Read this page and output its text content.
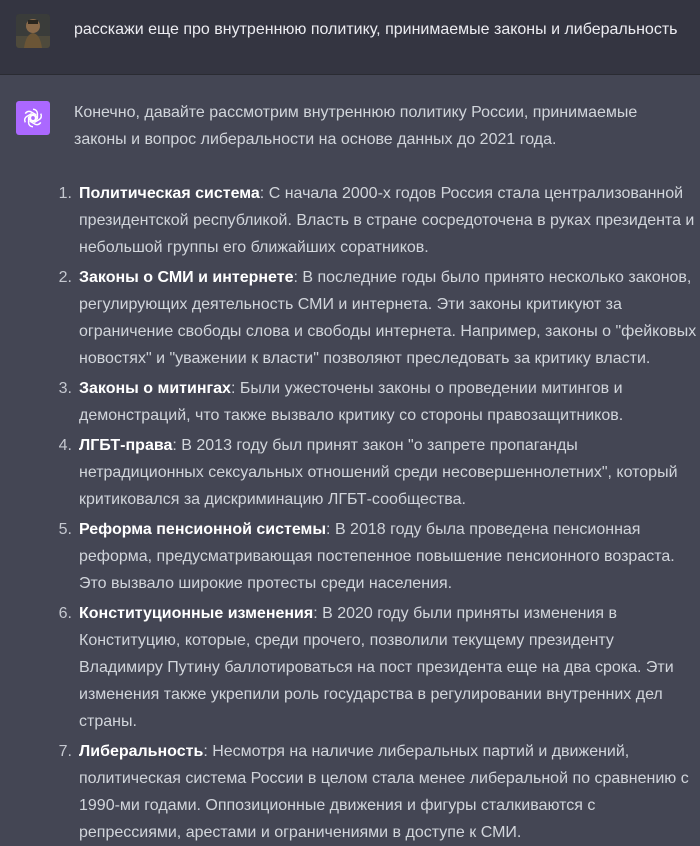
расскажи еще про внутреннюю политику, принимаемые законы и либеральность

Конечно, давайте рассмотрим внутреннюю политику России, принимаемые законы и вопрос либеральности на основе данных до 2021 года.

1. Политическая система: С начала 2000-х годов Россия стала централизованной президентской республикой. Власть в стране сосредоточена в руках президента и небольшой группы его ближайших соратников.
2. Законы о СМИ и интернете: В последние годы было принято несколько законов, регулирующих деятельность СМИ и интернета. Эти законы критикуют за ограничение свободы слова и свободы интернета. Например, законы о "фейковых новостях" и "уважении к власти" позволяют преследовать за критику власти.
3. Законы о митингах: Были ужесточены законы о проведении митингов и демонстраций, что также вызвало критику со стороны правозащитников.
4. ЛГБТ-права: В 2013 году был принят закон "о запрете пропаганды нетрадиционных сексуальных отношений среди несовершеннолетних", который критиковался за дискриминацию ЛГБТ-сообщества.
5. Реформа пенсионной системы: В 2018 году была проведена пенсионная реформа, предусматривающая постепенное повышение пенсионного возраста. Это вызвало широкие протесты среди населения.
6. Конституционные изменения: В 2020 году были приняты изменения в Конституцию, которые, среди прочего, позволили текущему президенту Владимиру Путину баллотироваться на пост президента еще на два срока. Эти изменения также укрепили роль государства в регулировании внутренних дел страны.
7. Либеральность: Несмотря на наличие либеральных партий и движений, политическая система России в целом стала менее либеральной по сравнению с 1990-ми годами. Оппозиционные движения и фигуры сталкиваются с репрессиями, арестами и ограничениями в доступе к СМИ.
